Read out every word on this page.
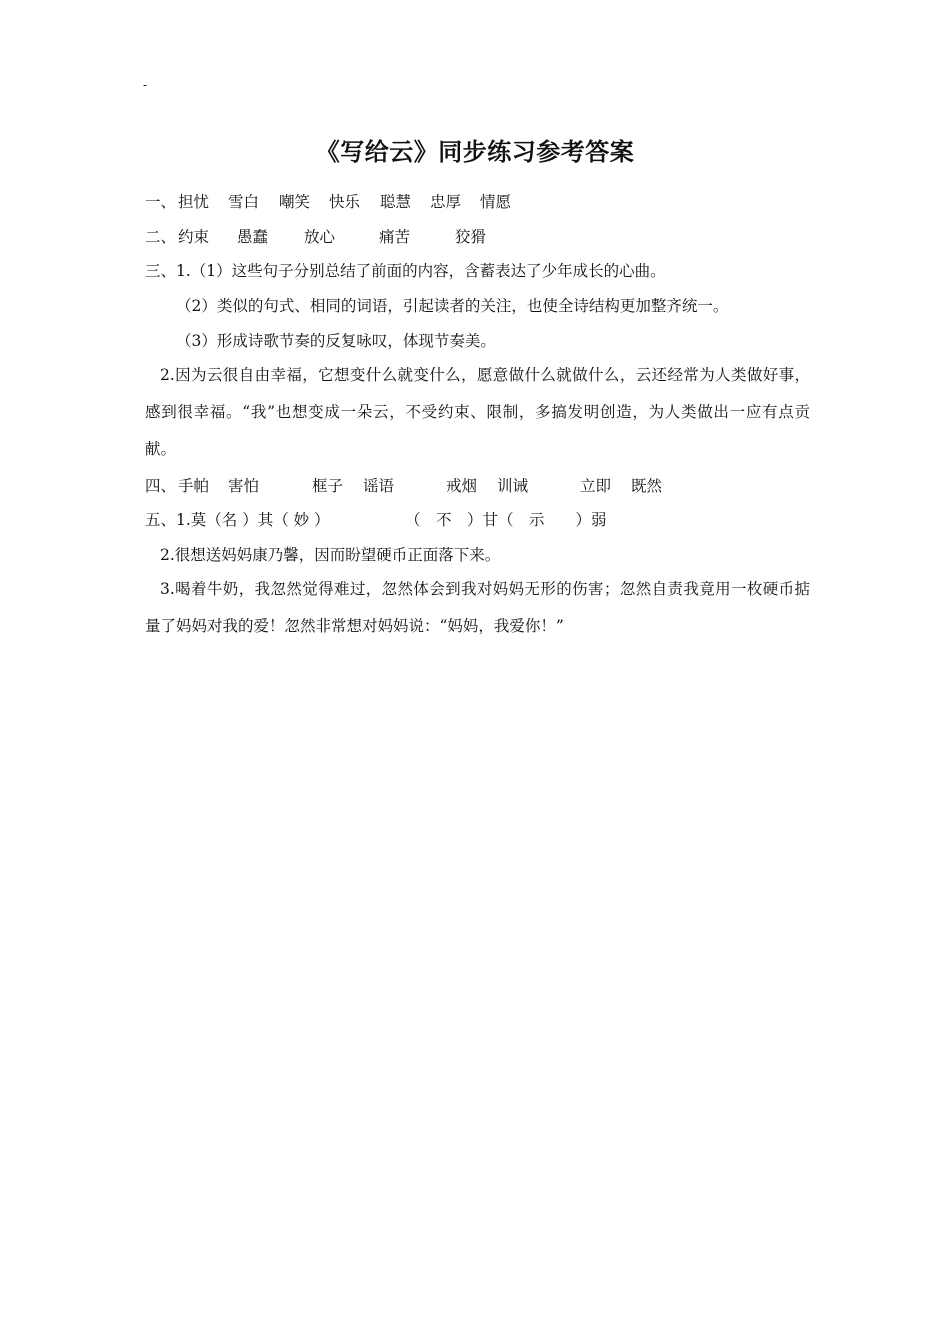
-
《写给云》同步练习参考答案
一、 担忧 雪白 嘲笑 快乐 聪慧 忠厚 情愿
二、 约束 愚蠢 放心	痛苦	狡猾
三、1.（1）这些句子分别总结了前面的内容，含蓄表达了少年成长的心曲。
（2）类似的句式、相同的词语，引起读者的关注，也使全诗结构更加整齐统一。
（3）形成诗歌节奏的反复咏叹，体现节奏美。
2.因为云很自由幸福，它想变什么就变什么，愿意做什么就做什么，云还经常为人类做好事，感到很幸福。“我”也想变成一朵云，不受约束、限制，多搞发明创造，为人类做出一应有点贡献。
四、 手帕 害怕	框子 谣语	戒烟 训诫	立即 既然
五、1.莫（名 ）其（ 妙 ）	（　不　）甘（　示　　）弱
2.很想送妈妈康乃馨，因而盼望硬币正面落下来。
3.喝着牛奶，我忽然觉得难过，忽然体会到我对妈妈无形的伤害；忽然自责我竟用一枚硬币掂量了妈妈对我的爱！忽然非常想对妈妈说：“妈妈，我爱你！”
